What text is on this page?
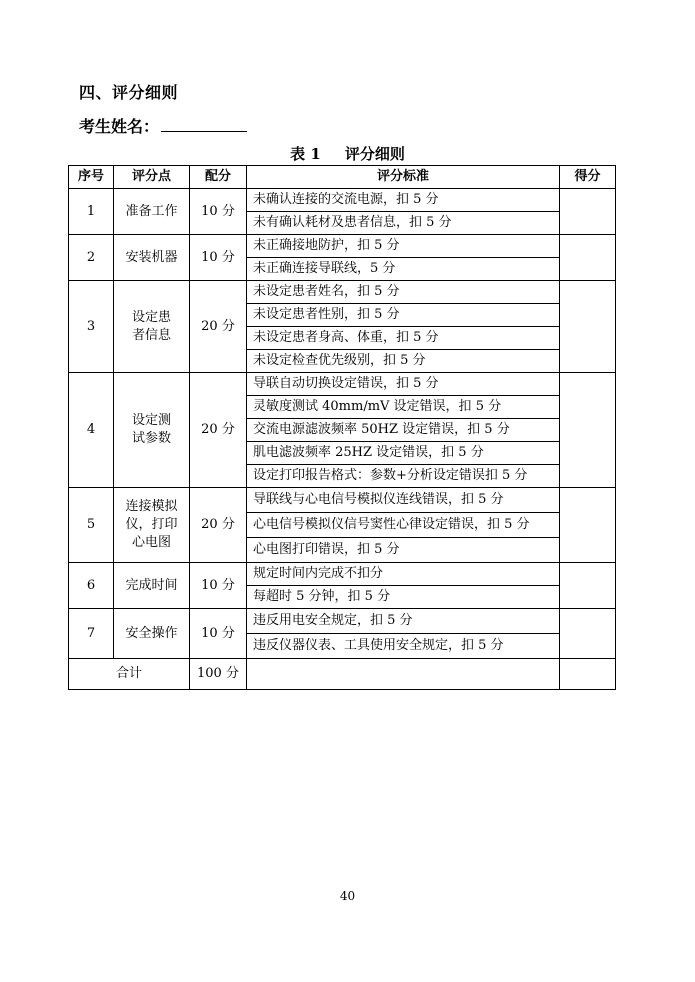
四、评分细则
考生姓名：
表 1 评分细则
序号	评分点	配分	评分标准	得分
1	准备工作	10 分	未确认连接的交流电源，扣 5 分	
			未有确认耗材及患者信息，扣 5 分	
2	安装机器	10 分	未正确接地防护，扣 5 分	
			未正确连接导联线，5 分	
3	设定患者信息	20 分	未设定患者姓名，扣 5 分	
			未设定患者性别，扣 5 分	
			未设定患者身高、体重，扣 5 分	
			未设定检查优先级别，扣 5 分	
4	设定测试参数	20 分	导联自动切换设定错误，扣 5 分	
			灵敏度测试 40mm/mV 设定错误，扣 5 分	
			交流电源滤波频率 50HZ 设定错误，扣 5 分	
			肌电滤波频率 25HZ 设定错误，扣 5 分	
			设定打印报告格式：参数+分析设定错误扣 5 分	
5	连接模拟仪，打印心电图	20 分	导联线与心电信号模拟仪连线错误，扣 5 分	
			心电信号模拟仪信号窦性心律设定错误，扣 5 分	
			心电图打印错误，扣 5 分	
6	完成时间	10 分	规定时间内完成不扣分	
			每超时 5 分钟，扣 5 分	
7	安全操作	10 分	违反用电安全规定，扣 5 分	
			违反仪器仪表、工具使用安全规定，扣 5 分	
合计		100 分		
40
